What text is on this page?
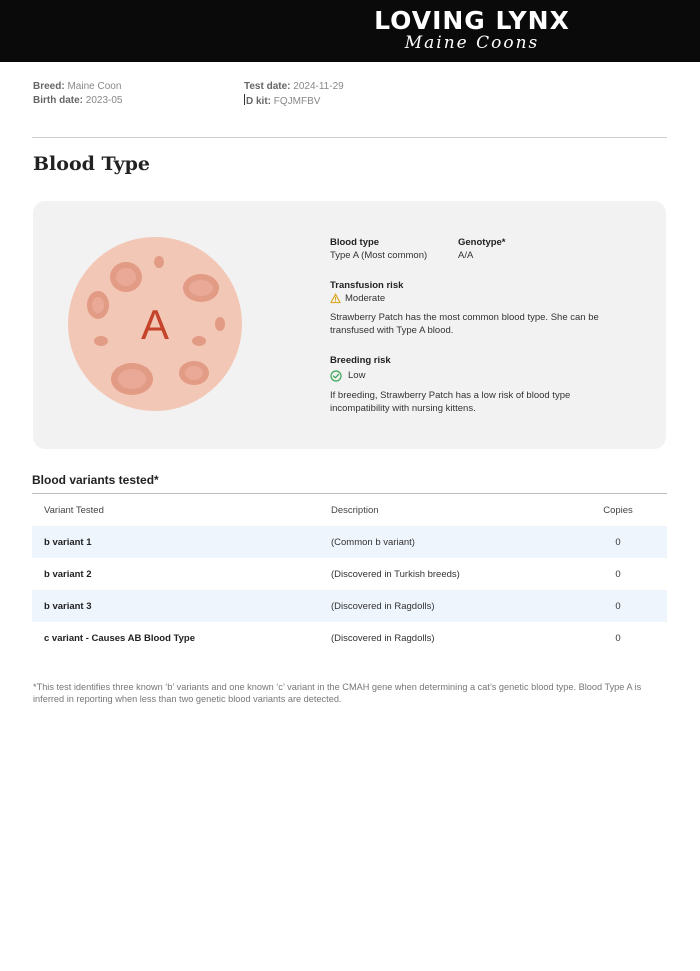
LOVING LYNX
Maine Coons
Breed: Maine Coon
Birth date: 2023-05
Test date: 2024-11-29
D kit: FQJMFBV
Blood Type
A
Blood type
Type A (Most common)
Genotype*
A/A
Transfusion risk
Moderate
Strawberry Patch has the most common blood type. She can be transfused with Type A blood.
Breeding risk
Low
If breeding, Strawberry Patch has a low risk of blood type incompatibility with nursing kittens.
Blood variants tested*
Variant Tested	Description	Copies
b variant 1	(Common b variant)	0
b variant 2	(Discovered in Turkish breeds)	0
b variant 3	(Discovered in Ragdolls)	0
c variant - Causes AB Blood Type	(Discovered in Ragdolls)	0

*This test identifies three known ‘b’ variants and one known ‘c’ variant in the CMAH gene when determining a cat’s genetic blood type. Blood Type A is inferred in reporting when less than two genetic blood variants are detected.
